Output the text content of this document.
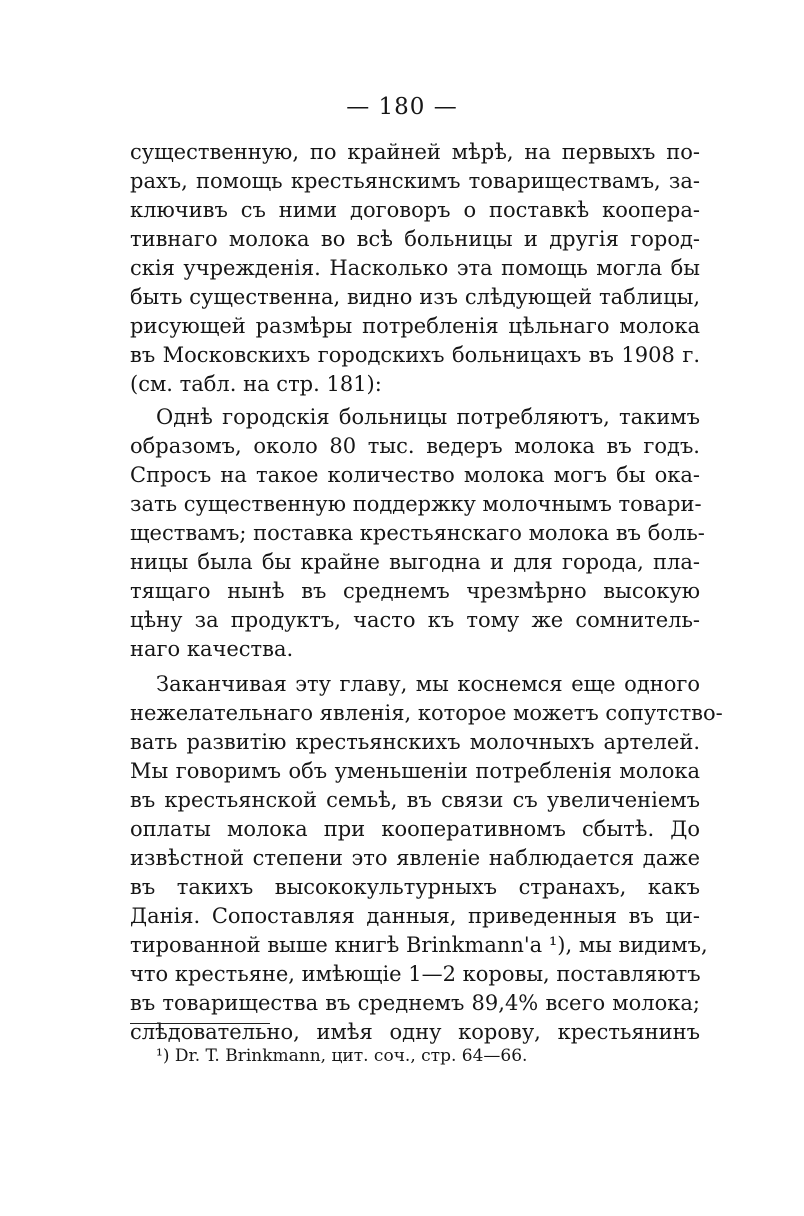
— 180 —
существенную, по крайней мѣрѣ, на первыхъ по-
рахъ, помощь крестьянскимъ товариществамъ, за-
ключивъ съ ними договоръ о поставкѣ коопера-
тивнаго молока во всѣ больницы и другія город-
скія учрежденія. Насколько эта помощь могла бы
быть существенна, видно изъ слѣдующей таблицы,
рисующей размѣры потребленія цѣльнаго молока
въ Московскихъ городскихъ больницахъ въ 1908 г.
(см. табл. на стр. 181):
Однѣ городскія больницы потребляютъ, такимъ
образомъ, около 80 тыс. ведеръ молока въ годъ.
Спросъ на такое количество молока могъ бы ока-
зать существенную поддержку молочнымъ товари-
ществамъ; поставка крестьянскаго молока въ боль-
ницы была бы крайне выгодна и для города, пла-
тящаго нынѣ въ среднемъ чрезмѣрно высокую
цѣну за продуктъ, часто къ тому же сомнитель-
наго качества.
Заканчивая эту главу, мы коснемся еще одного
нежелательнаго явленія, которое можетъ сопутство-
вать развитію крестьянскихъ молочныхъ артелей.
Мы говоримъ объ уменьшеніи потребленія молока
въ крестьянской семьѣ, въ связи съ увеличеніемъ
оплаты молока при кооперативномъ сбытѣ. До
извѣстной степени это явленіе наблюдается даже
въ такихъ высококультурныхъ странахъ, какъ
Данія. Сопоставляя данныя, приведенныя въ ци-
тированной выше книгѣ Brinkmann'a ¹), мы видимъ,
что крестьяне, имѣющіе 1—2 коровы, поставляютъ
въ товарищества въ среднемъ 89,4% всего молока;
слѣдовательно, имѣя одну корову, крестьянинъ
¹) Dr. T. Brinkmann, цит. соч., стр. 64—66.
